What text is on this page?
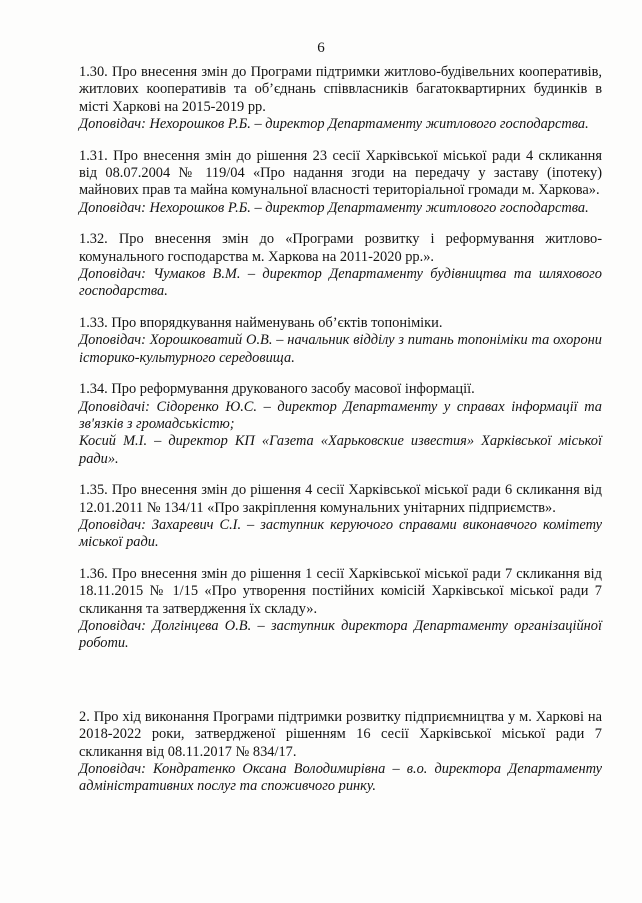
6

1.30. Про внесення змін до Програми підтримки житлово-будівельних кооперативів, житлових кооперативів та об’єднань співвласників багатоквартирних будинків в місті Харкові на 2015-2019 рр.

Доповідач: Нехорошков Р.Б. – директор Департаменту житлового господарства.

1.31. Про внесення змін до рішення 23 сесії Харківської міської ради 4 скликання від 08.07.2004 № 119/04 «Про надання згоди на передачу у заставу (іпотеку) майнових прав та майна комунальної власності територіальної громади м. Харкова».

Доповідач: Нехорошков Р.Б. – директор Департаменту житлового господарства.

1.32. Про внесення змін до «Програми розвитку і реформування житлово-комунального господарства м. Харкова на 2011-2020 рр.».

Доповідач: Чумаков В.М. – директор Департаменту будівництва та шляхового господарства.

1.33. Про впорядкування найменувань об’єктів топоніміки.

Доповідач: Хорошковатий О.В. – начальник відділу з питань топоніміки та охорони історико-культурного середовища.

1.34. Про реформування друкованого засобу масової інформації.

Доповідачі: Сідоренко Ю.С. – директор Департаменту у справах інформації та зв'язків з громадськістю;

Косий М.І. – директор КП «Газета «Харьковские известия» Харківської міської ради».

1.35. Про внесення змін до рішення 4 сесії Харківської міської ради 6 скликання від 12.01.2011 № 134/11 «Про закріплення комунальних унітарних підприємств».

Доповідач: Захаревич С.І. – заступник керуючого справами виконавчого комітету міської ради.

1.36. Про внесення змін до рішення 1 сесії Харківської міської ради 7 скликання від 18.11.2015 № 1/15 «Про утворення постійних комісій Харківської міської ради 7 скликання та затвердження їх складу».

Доповідач: Долгінцева О.В. – заступник директора Департаменту організаційної роботи.

2. Про хід виконання Програми підтримки розвитку підприємництва у м. Харкові на 2018-2022 роки, затвердженої рішенням 16 сесії Харківської міської ради 7 скликання від 08.11.2017 № 834/17.

Доповідач: Кондратенко Оксана Володимирівна – в.о. директора Департаменту адміністративних послуг та споживчого ринку.
